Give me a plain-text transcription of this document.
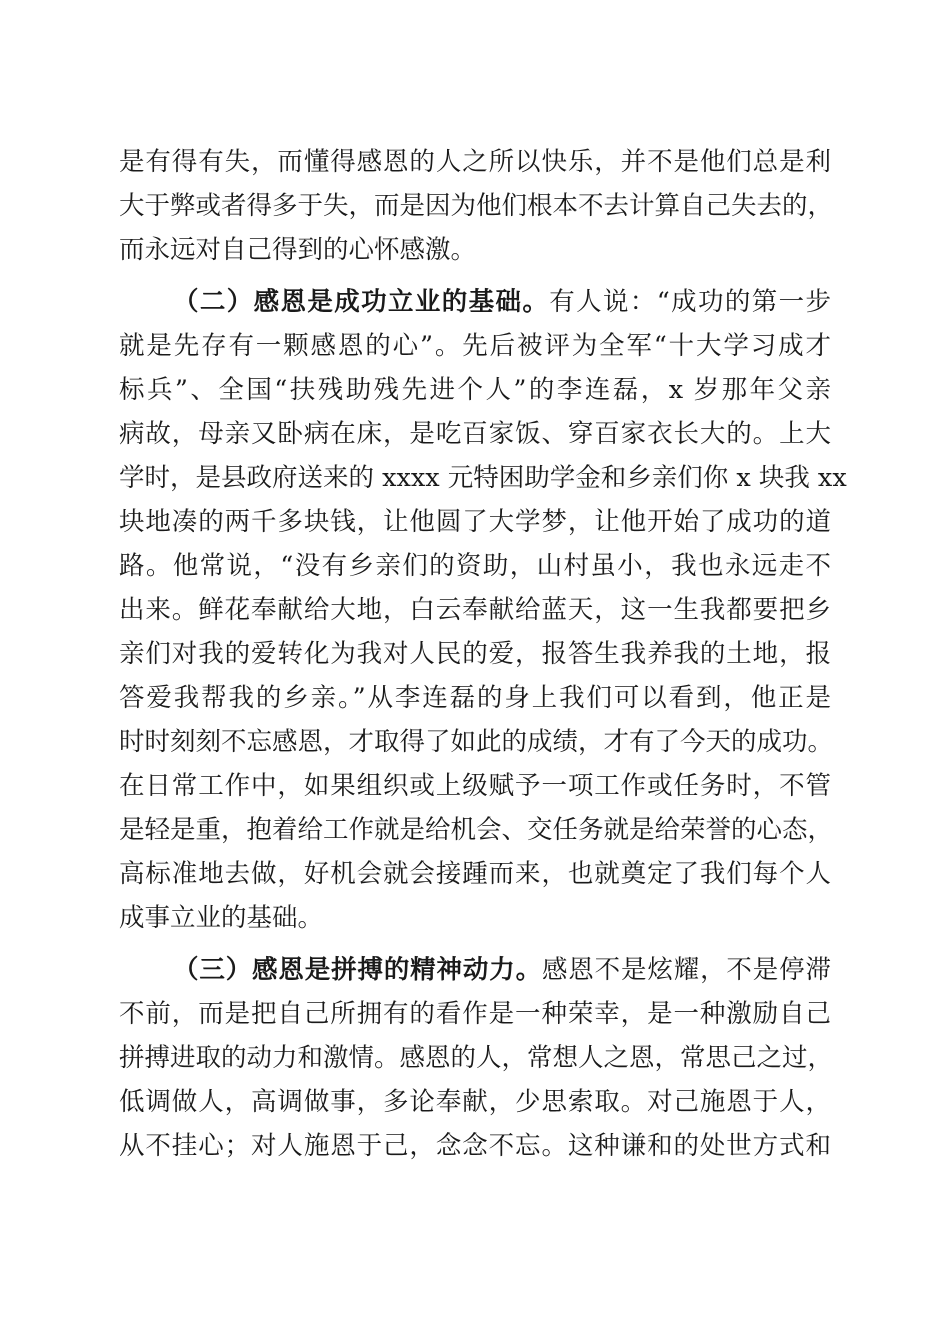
是有得有失，而懂得感恩的人之所以快乐，并不是他们总是利
大于弊或者得多于失，而是因为他们根本不去计算自己失去的，
而永远对自己得到的心怀感激。
（二）感恩是成功立业的基础。有人说：“成功的第一步
就是先存有一颗感恩的心”。先后被评为全军“十大学习成才
标兵”、全国“扶残助残先进个人”的李连磊，x 岁那年父亲
病故，母亲又卧病在床，是吃百家饭、穿百家衣长大的。上大
学时，是县政府送来的 xxxx 元特困助学金和乡亲们你 x 块我 xx
块地凑的两千多块钱，让他圆了大学梦，让他开始了成功的道
路。他常说，“没有乡亲们的资助，山村虽小，我也永远走不
出来。鲜花奉献给大地，白云奉献给蓝天，这一生我都要把乡
亲们对我的爱转化为我对人民的爱，报答生我养我的土地，报
答爱我帮我的乡亲。”从李连磊的身上我们可以看到，他正是
时时刻刻不忘感恩，才取得了如此的成绩，才有了今天的成功。
在日常工作中，如果组织或上级赋予一项工作或任务时，不管
是轻是重，抱着给工作就是给机会、交任务就是给荣誉的心态，
高标准地去做，好机会就会接踵而来，也就奠定了我们每个人
成事立业的基础。
（三）感恩是拼搏的精神动力。感恩不是炫耀，不是停滞
不前，而是把自己所拥有的看作是一种荣幸，是一种激励自己
拼搏进取的动力和激情。感恩的人，常想人之恩，常思己之过，
低调做人，高调做事，多论奉献，少思索取。对己施恩于人，
从不挂心；对人施恩于己，念念不忘。这种谦和的处世方式和
